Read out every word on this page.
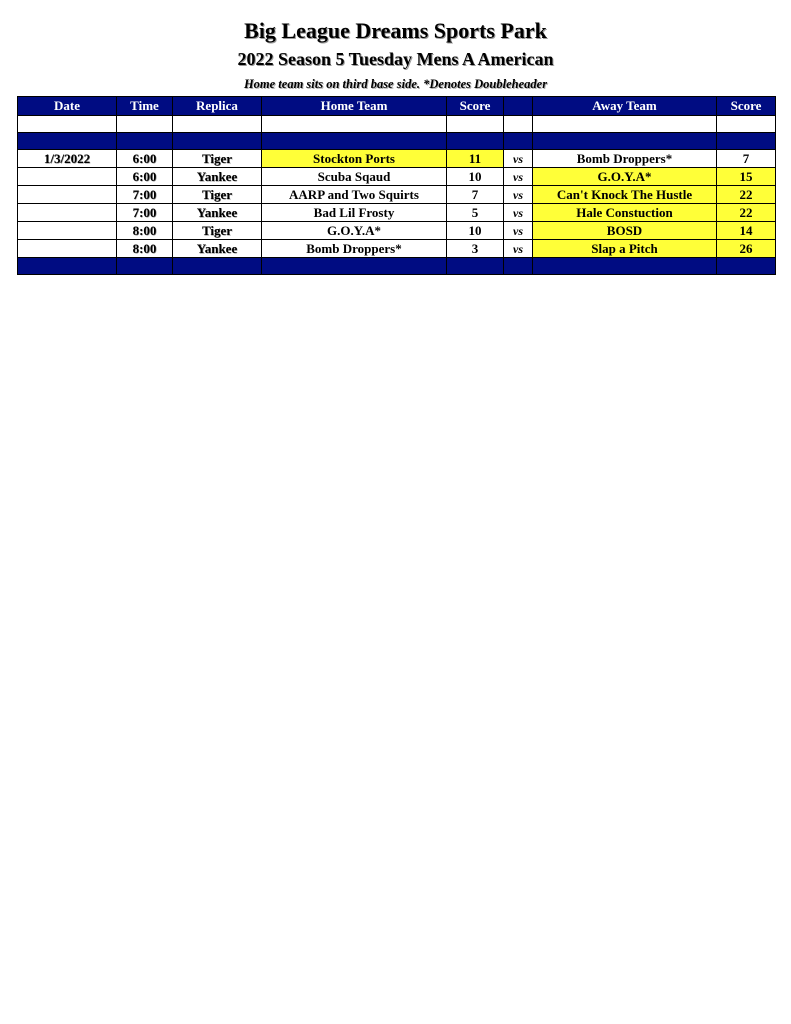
Big League Dreams Sports Park
2022 Season 5 Tuesday Mens A American
Home team sits on third base side. *Denotes Doubleheader
Date	Time	Replica	Home Team	Score		Away Team	Score

1/3/2022	6:00	Tiger	Stockton Ports	11	vs	Bomb Droppers*	7
	6:00	Yankee	Scuba Sqaud	10	vs	G.O.Y.A*	15
	7:00	Tiger	AARP and Two Squirts	7	vs	Can't Knock The Hustle	22
	7:00	Yankee	Bad Lil Frosty	5	vs	Hale Constuction	22
	8:00	Tiger	G.O.Y.A*	10	vs	BOSD	14
	8:00	Yankee	Bomb Droppers*	3	vs	Slap a Pitch	26
